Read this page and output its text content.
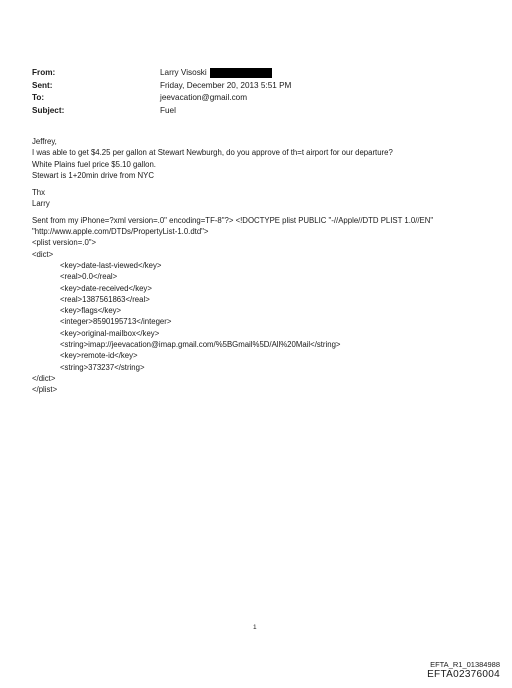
From:	Larry Visoski
Sent:	Friday, December 20, 2013 5:51 PM
To:	jeevacation@gmail.com
Subject:	Fuel
Jeffrey,
I was able to get $4.25 per gallon at Stewart Newburgh, do you approve of th=t airport for our departure?
White Plains fuel price $5.10 gallon.
Stewart is 1+20min drive from NYC
Thx
Larry
Sent from my iPhone=?xml version=.0" encoding=TF-8"?> <!DOCTYPE plist PUBLIC "-//Apple//DTD PLIST 1.0//EN"
"http://www.apple.com/DTDs/PropertyList-1.0.dtd">
<plist version=.0">
<dict>
<key>date-last-viewed</key>
<real>0.0</real>
<key>date-received</key>
<real>1387561863</real>
<key>flags</key>
<integer>8590195713</integer>
<key>original-mailbox</key>
<string>imap://jeevacation@imap.gmail.com/%5BGmail%5D/All%20Mail</string>
<key>remote-id</key>
<string>373237</string>
</dict>
</plist>
1
EFTA_R1_01384988
EFTA02376004
